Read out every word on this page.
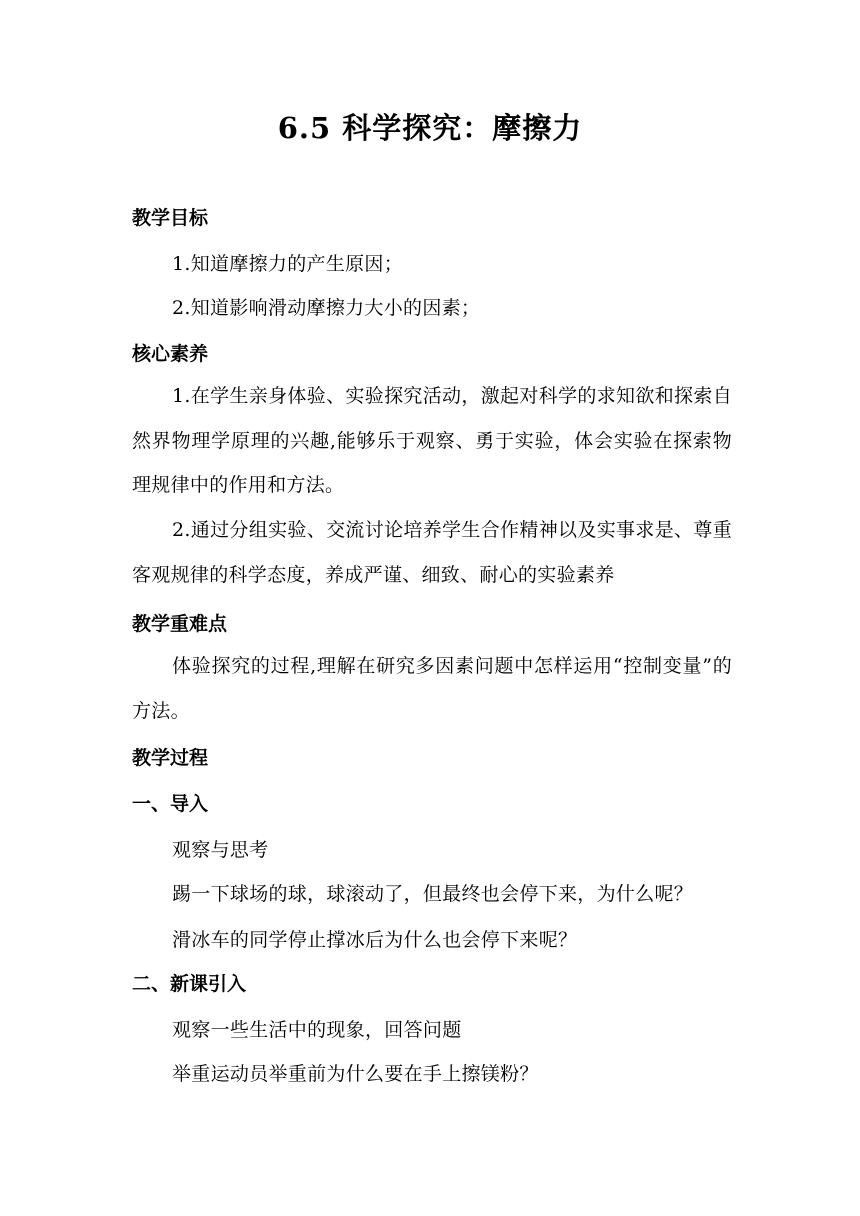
6.5 科学探究：摩擦力
教学目标
1.知道摩擦力的产生原因；
2.知道影响滑动摩擦力大小的因素；
核心素养
1.在学生亲身体验、实验探究活动，激起对科学的求知欲和探索自然界物理学原理的兴趣,能够乐于观察、勇于实验，体会实验在探索物理规律中的作用和方法。
2.通过分组实验、交流讨论培养学生合作精神以及实事求是、尊重客观规律的科学态度，养成严谨、细致、耐心的实验素养
教学重难点
体验探究的过程,理解在研究多因素问题中怎样运用“控制变量”的方法。
教学过程
一、导入
观察与思考
踢一下球场的球，球滚动了，但最终也会停下来，为什么呢？
滑冰车的同学停止撑冰后为什么也会停下来呢？
二、新课引入
观察一些生活中的现象，回答问题
举重运动员举重前为什么要在手上擦镁粉？
